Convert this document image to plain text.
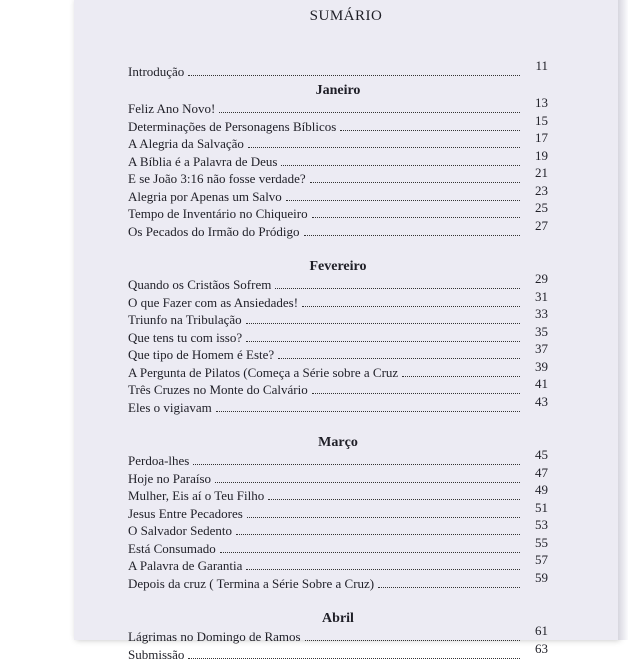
SUMÁRIO
Introdução	11
Janeiro
Feliz Ano Novo!	13
Determinações de Personagens Bíblicos	15
A Alegria da Salvação	17
A Bíblia é a Palavra de Deus	19
E se João 3:16 não fosse verdade?	21
Alegria por Apenas um Salvo	23
Tempo de Inventário no Chiqueiro	25
Os Pecados do Irmão do Pródigo	27
Fevereiro
Quando os Cristãos Sofrem	29
O que Fazer com as Ansiedades!	31
Triunfo na Tribulação	33
Que tens tu com isso?	35
Que tipo de Homem é Este?	37
A Pergunta de Pilatos (Começa a Série sobre a Cruz	39
Três Cruzes no Monte do Calvário	41
Eles o vigiavam	43
Março
Perdoa-lhes	45
Hoje no Paraíso	47
Mulher, Eis aí o Teu Filho	49
Jesus Entre Pecadores	51
O Salvador Sedento	53
Está Consumado	55
A Palavra de Garantia	57
Depois da cruz ( Termina a Série Sobre a Cruz)	59
Abril
Lágrimas no Domingo de Ramos	61
Submissão	63
